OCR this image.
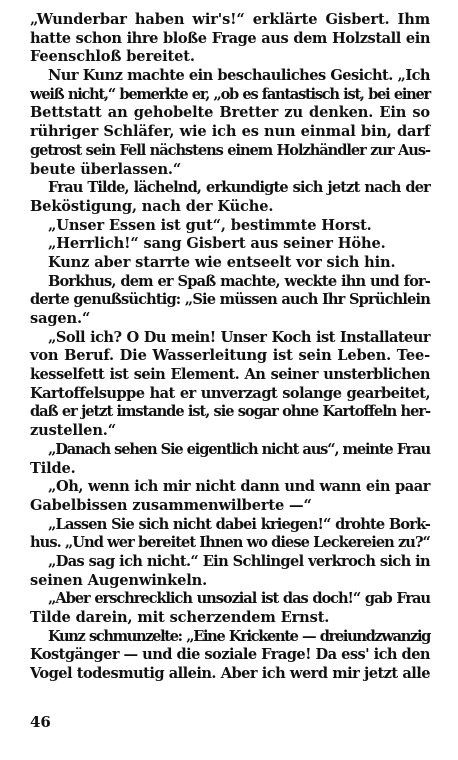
„Wunderbar haben wir's!“ erklärte Gisbert. Ihm
hatte schon ihre bloße Frage aus dem Holzstall ein
Feenschloß bereitet.
Nur Kunz machte ein beschauliches Gesicht. „Ich
weiß nicht,“ bemerkte er, „ob es fantastisch ist, bei einer
Bettstatt an gehobelte Bretter zu denken. Ein so
rühriger Schläfer, wie ich es nun einmal bin, darf
getrost sein Fell nächstens einem Holzhändler zur Aus-
beute überlassen.“
Frau Tilde, lächelnd, erkundigte sich jetzt nach der
Beköstigung, nach der Küche.
„Unser Essen ist gut“, bestimmte Horst.
„Herrlich!“ sang Gisbert aus seiner Höhe.
Kunz aber starrte wie entseelt vor sich hin.
Borkhus, dem er Spaß machte, weckte ihn und for-
derte genußsüchtig: „Sie müssen auch Ihr Sprüchlein
sagen.“
„Soll ich? O Du mein! Unser Koch ist Installateur
von Beruf. Die Wasserleitung ist sein Leben. Tee-
kesselfett ist sein Element. An seiner unsterblichen
Kartoffelsuppe hat er unverzagt solange gearbeitet,
daß er jetzt imstande ist, sie sogar ohne Kartoffeln her-
zustellen.“
„Danach sehen Sie eigentlich nicht aus“, meinte Frau
Tilde.
„Oh, wenn ich mir nicht dann und wann ein paar
Gabelbissen zusammenwilberte —“
„Lassen Sie sich nicht dabei kriegen!“ drohte Bork-
hus. „Und wer bereitet Ihnen wo diese Leckereien zu?“
„Das sag ich nicht.“ Ein Schlingel verkroch sich in
seinen Augenwinkeln.
„Aber erschrecklich unsozial ist das doch!“ gab Frau
Tilde darein, mit scherzendem Ernst.
Kunz schmunzelte: „Eine Krickente — dreiundzwanzig
Kostgänger — und die soziale Frage! Da ess' ich den
Vogel todesmutig allein. Aber ich werd mir jetzt alle
46
